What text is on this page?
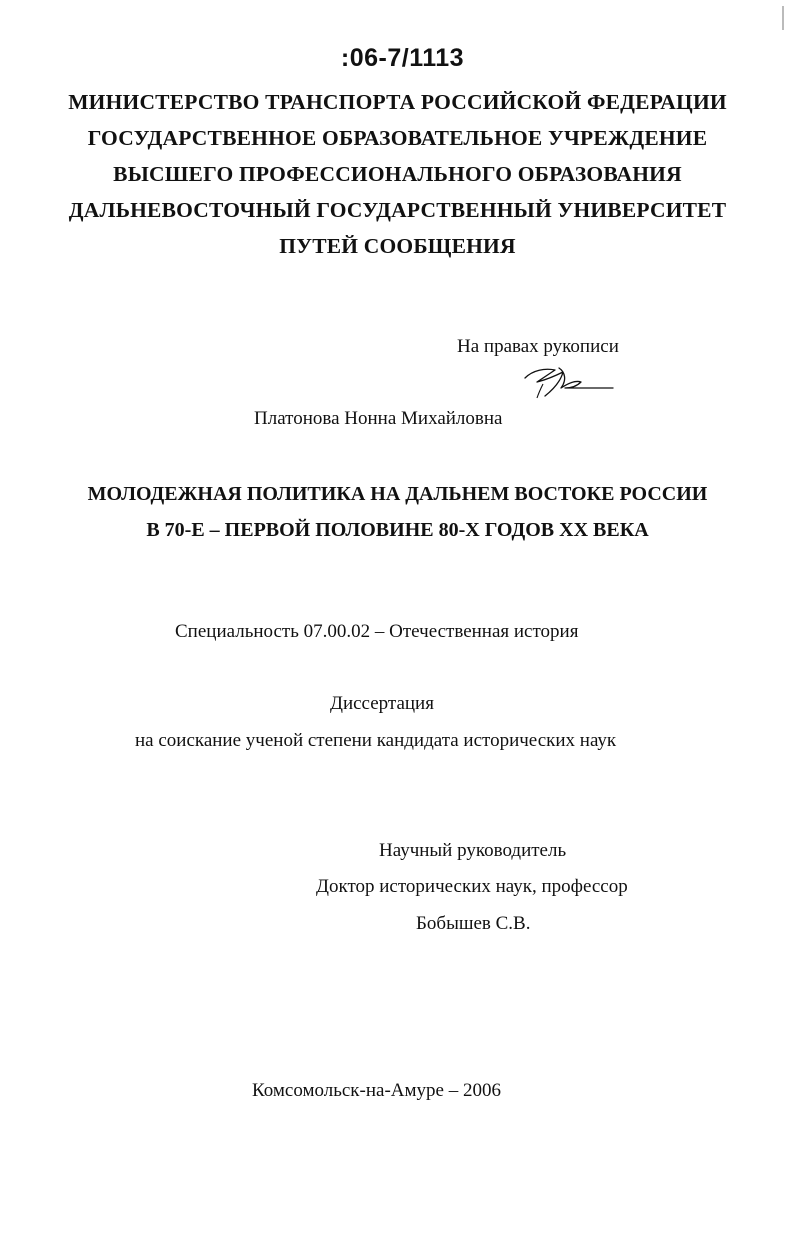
:06-7/1113
МИНИСТЕРСТВО ТРАНСПОРТА РОССИЙСКОЙ ФЕДЕРАЦИИ
ГОСУДАРСТВЕННОЕ ОБРАЗОВАТЕЛЬНОЕ УЧРЕЖДЕНИЕ
ВЫСШЕГО ПРОФЕССИОНАЛЬНОГО ОБРАЗОВАНИЯ
ДАЛЬНЕВОСТОЧНЫЙ ГОСУДАРСТВЕННЫЙ УНИВЕРСИТЕТ
ПУТЕЙ СООБЩЕНИЯ
На правах рукописи
Платонова Нонна Михайловна
МОЛОДЕЖНАЯ ПОЛИТИКА НА ДАЛЬНЕМ ВОСТОКЕ РОССИИ
В 70-Е – ПЕРВОЙ ПОЛОВИНЕ 80-Х ГОДОВ XX ВЕКА
Специальность 07.00.02 – Отечественная история
Диссертация
на соискание ученой степени кандидата исторических наук
Научный руководитель
Доктор исторических наук, профессор
Бобышев С.В.
Комсомольск-на-Амуре – 2006
